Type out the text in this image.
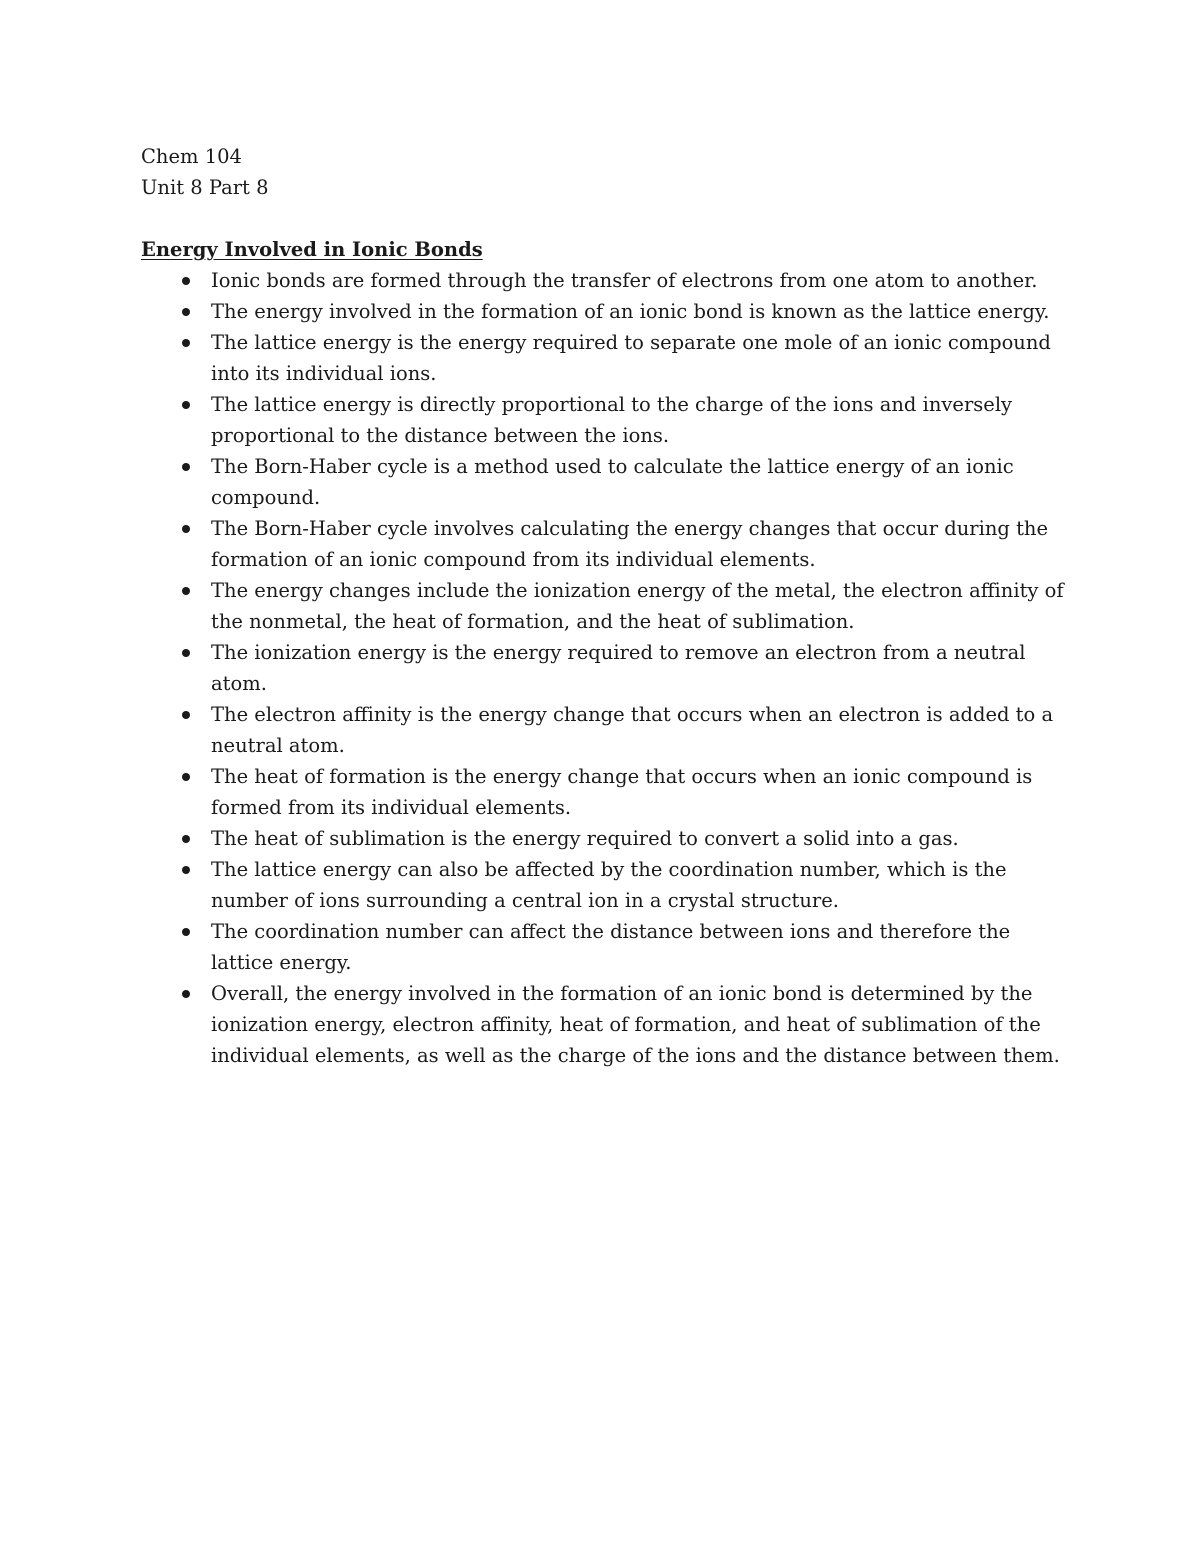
Chem 104
Unit 8 Part 8
Energy Involved in Ionic Bonds
Ionic bonds are formed through the transfer of electrons from one atom to another.
The energy involved in the formation of an ionic bond is known as the lattice energy.
The lattice energy is the energy required to separate one mole of an ionic compound into its individual ions.
The lattice energy is directly proportional to the charge of the ions and inversely proportional to the distance between the ions.
The Born-Haber cycle is a method used to calculate the lattice energy of an ionic compound.
The Born-Haber cycle involves calculating the energy changes that occur during the formation of an ionic compound from its individual elements.
The energy changes include the ionization energy of the metal, the electron affinity of the nonmetal, the heat of formation, and the heat of sublimation.
The ionization energy is the energy required to remove an electron from a neutral atom.
The electron affinity is the energy change that occurs when an electron is added to a neutral atom.
The heat of formation is the energy change that occurs when an ionic compound is formed from its individual elements.
The heat of sublimation is the energy required to convert a solid into a gas.
The lattice energy can also be affected by the coordination number, which is the number of ions surrounding a central ion in a crystal structure.
The coordination number can affect the distance between ions and therefore the lattice energy.
Overall, the energy involved in the formation of an ionic bond is determined by the ionization energy, electron affinity, heat of formation, and heat of sublimation of the individual elements, as well as the charge of the ions and the distance between them.
